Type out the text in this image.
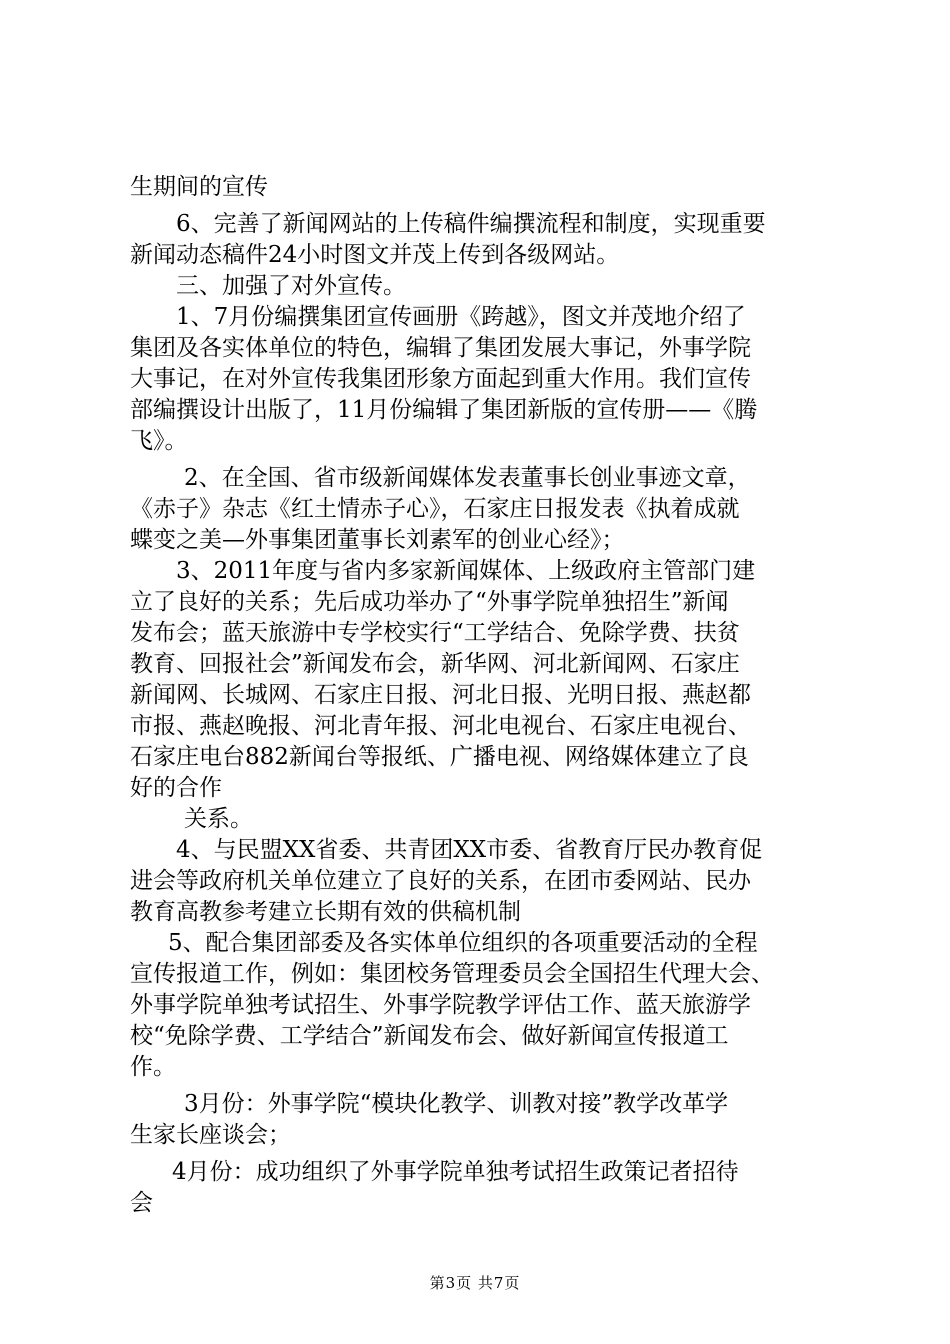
生期间的宣传
6、完善了新闻网站的上传稿件编撰流程和制度，实现重要
新闻动态稿件24小时图文并茂上传到各级网站。
三、加强了对外宣传。
1、7月份编撰集团宣传画册《跨越》，图文并茂地介绍了
集团及各实体单位的特色，编辑了集团发展大事记，外事学院
大事记，在对外宣传我集团形象方面起到重大作用。我们宣传
部编撰设计出版了，11月份编辑了集团新版的宣传册——《腾
飞》。
2、在全国、省市级新闻媒体发表董事长创业事迹文章，
《赤子》杂志《红土情赤子心》，石家庄日报发表《执着成就
蝶变之美—外事集团董事长刘素军的创业心经》；
3、2011年度与省内多家新闻媒体、上级政府主管部门建
立了良好的关系；先后成功举办了“外事学院单独招生”新闻
发布会；蓝天旅游中专学校实行“工学结合、免除学费、扶贫
教育、回报社会”新闻发布会，新华网、河北新闻网、石家庄
新闻网、长城网、石家庄日报、河北日报、光明日报、燕赵都
市报、燕赵晚报、河北青年报、河北电视台、石家庄电视台、
石家庄电台882新闻台等报纸、广播电视、网络媒体建立了良
好的合作
关系。
4、与民盟XX省委、共青团XX市委、省教育厅民办教育促
进会等政府机关单位建立了良好的关系，在团市委网站、民办
教育高教参考建立长期有效的供稿机制
5、配合集团部委及各实体单位组织的各项重要活动的全程
宣传报道工作，例如：集团校务管理委员会全国招生代理大会、
外事学院单独考试招生、外事学院教学评估工作、蓝天旅游学
校“免除学费、工学结合”新闻发布会、做好新闻宣传报道工
作。
3月份：外事学院“模块化教学、训教对接”教学改革学
生家长座谈会；
4月份：成功组织了外事学院单独考试招生政策记者招待
会
第3页 共7页
